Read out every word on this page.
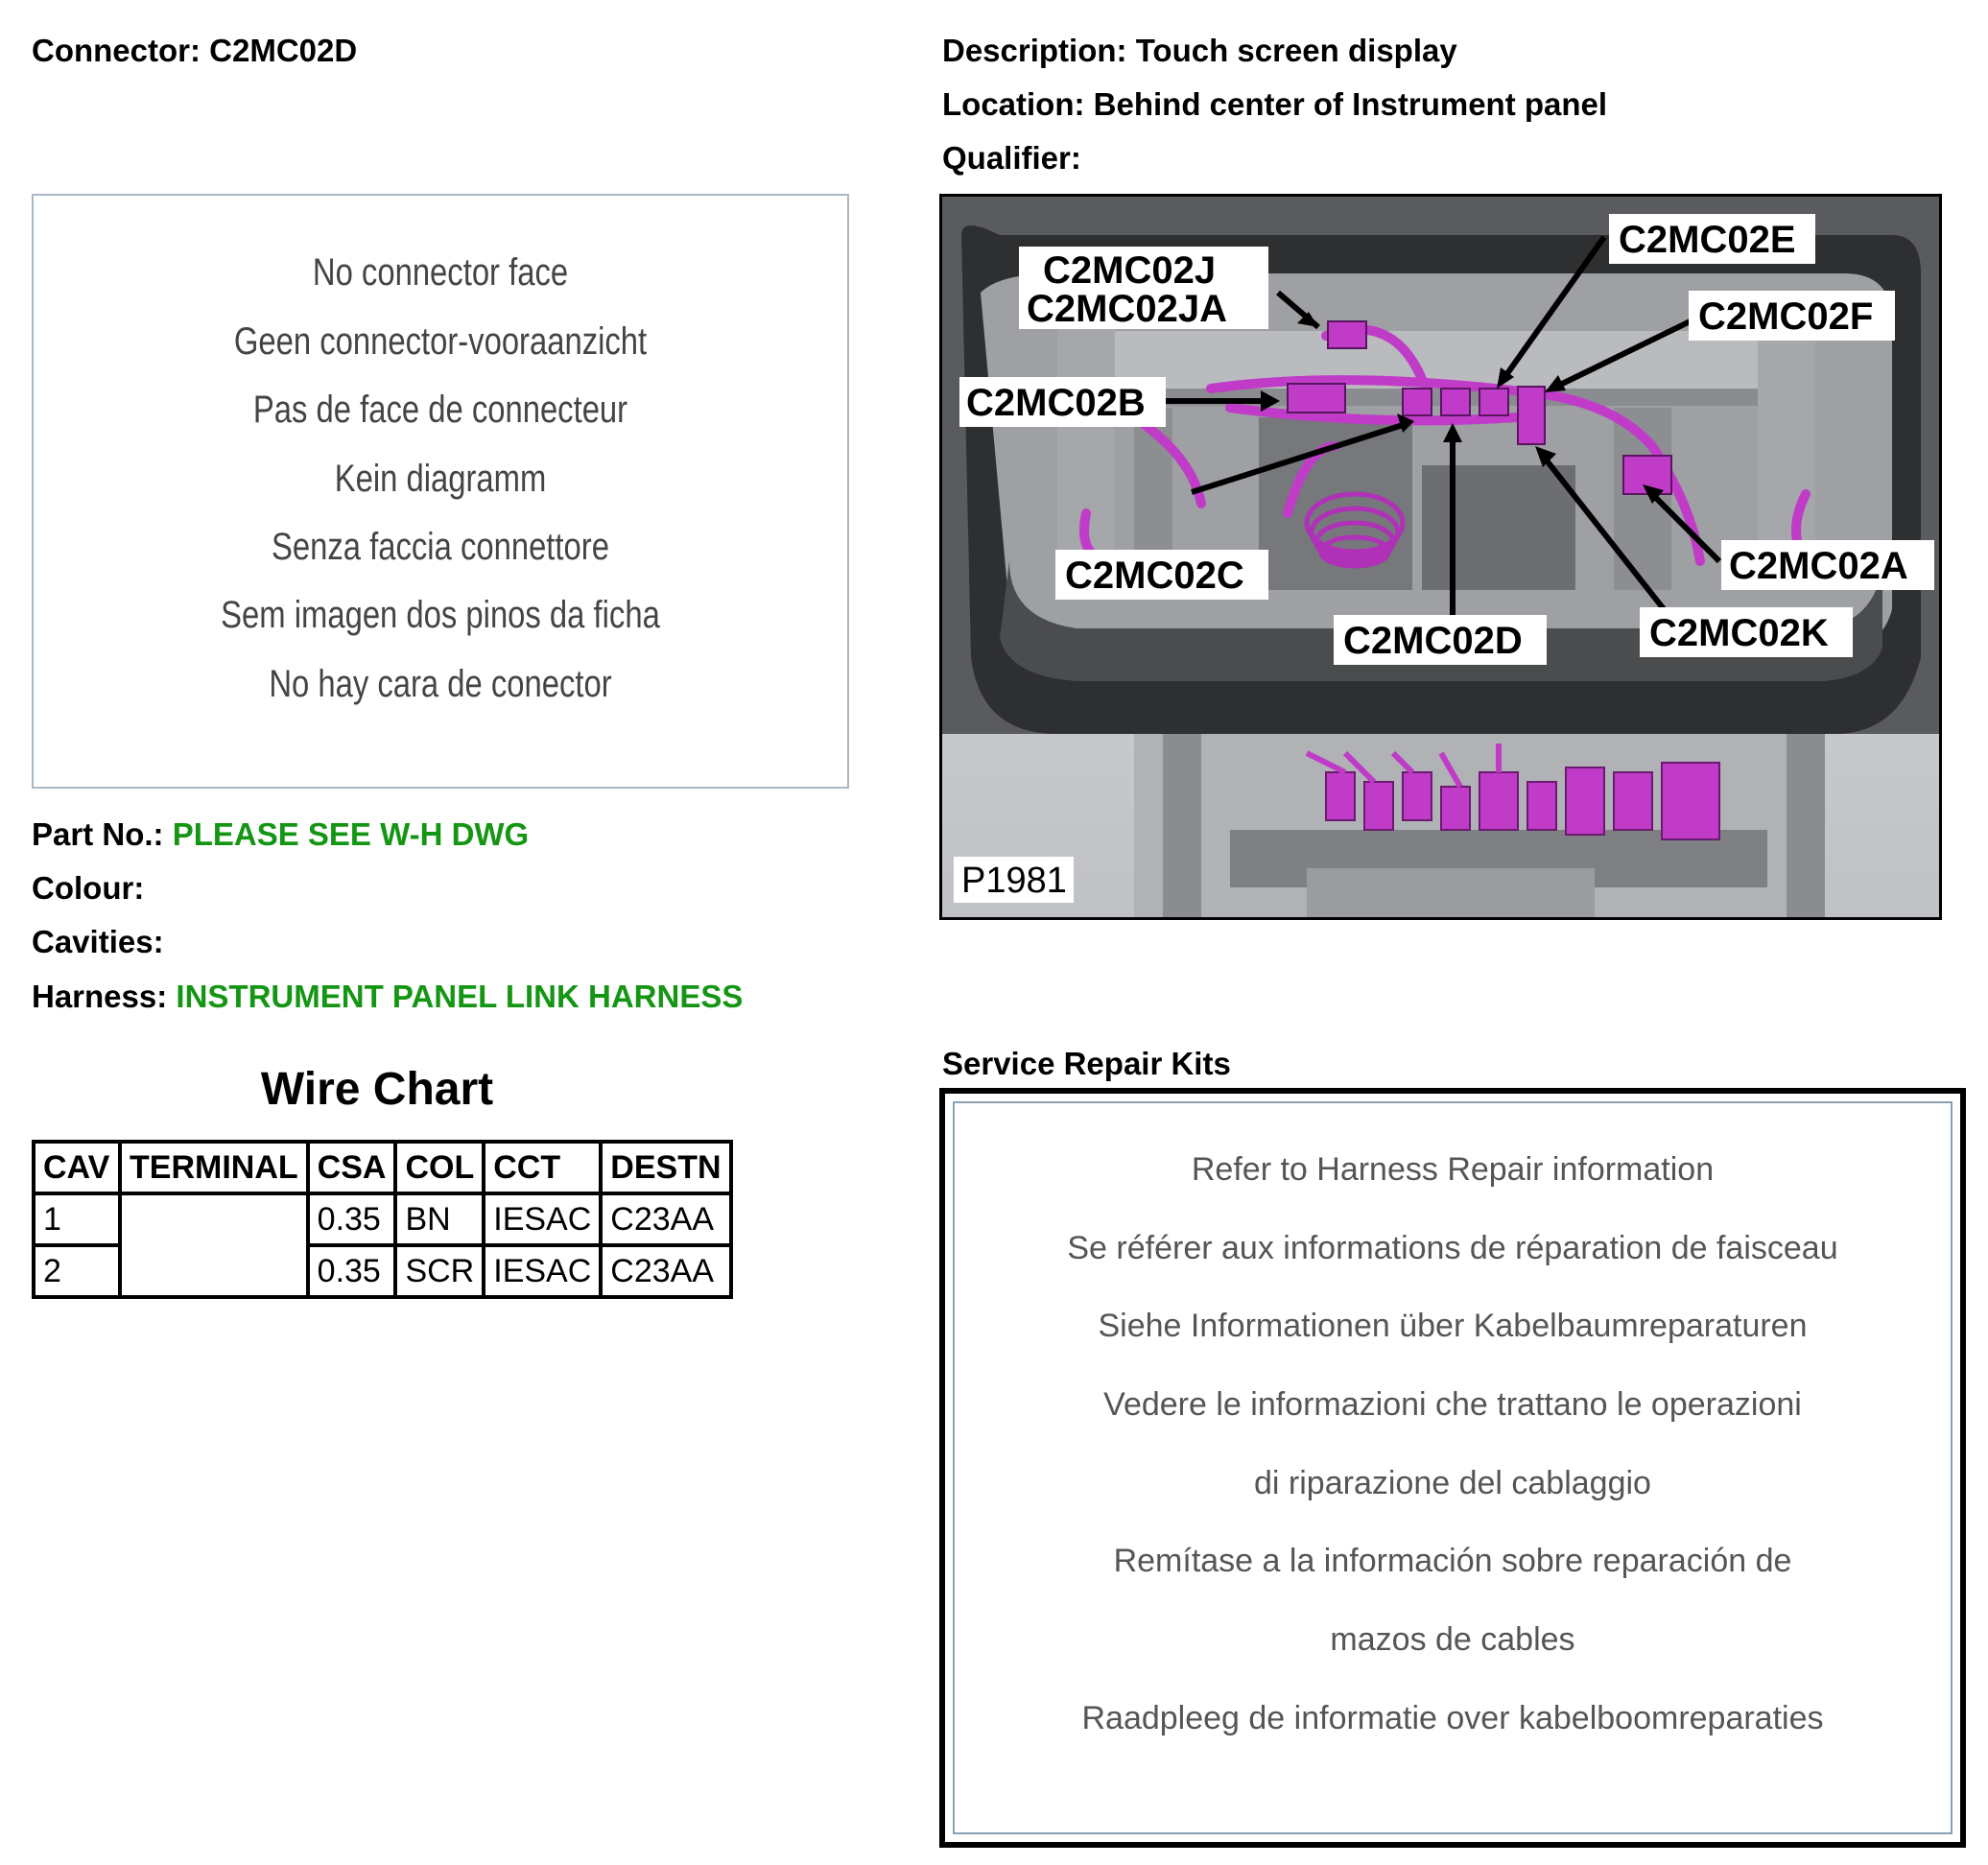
Connector: C2MC02D	Description: Touch screen display
Location: Behind center of Instrument panel
Qualifier:
No connector face
Geen connector-vooraanzicht
Pas de face de connecteur
Kein diagramm
Senza faccia connettore
Sem imagen dos pinos da ficha
No hay cara de conector
Part No.: PLEASE SEE W-H DWG
Colour:
Cavities:
Harness: INSTRUMENT PANEL LINK HARNESS
Wire Chart
CAV	TERMINAL	CSA	COL	CCT	DESTN
1		0.35	BN	IESAC	C23AA
2		0.35	SCR	IESAC	C23AA
C2MC02J
C2MC02JA
C2MC02E
C2MC02F
C2MC02B
C2MC02C
C2MC02D
C2MC02A
C2MC02K
P1981
Service Repair Kits
Refer to Harness Repair information
Se référer aux informations de réparation de faisceau
Siehe Informationen über Kabelbaumreparaturen
Vedere le informazioni che trattano le operazioni
di riparazione del cablaggio
Remítase a la información sobre reparación de
mazos de cables
Raadpleeg de informatie over kabelboomreparaties
